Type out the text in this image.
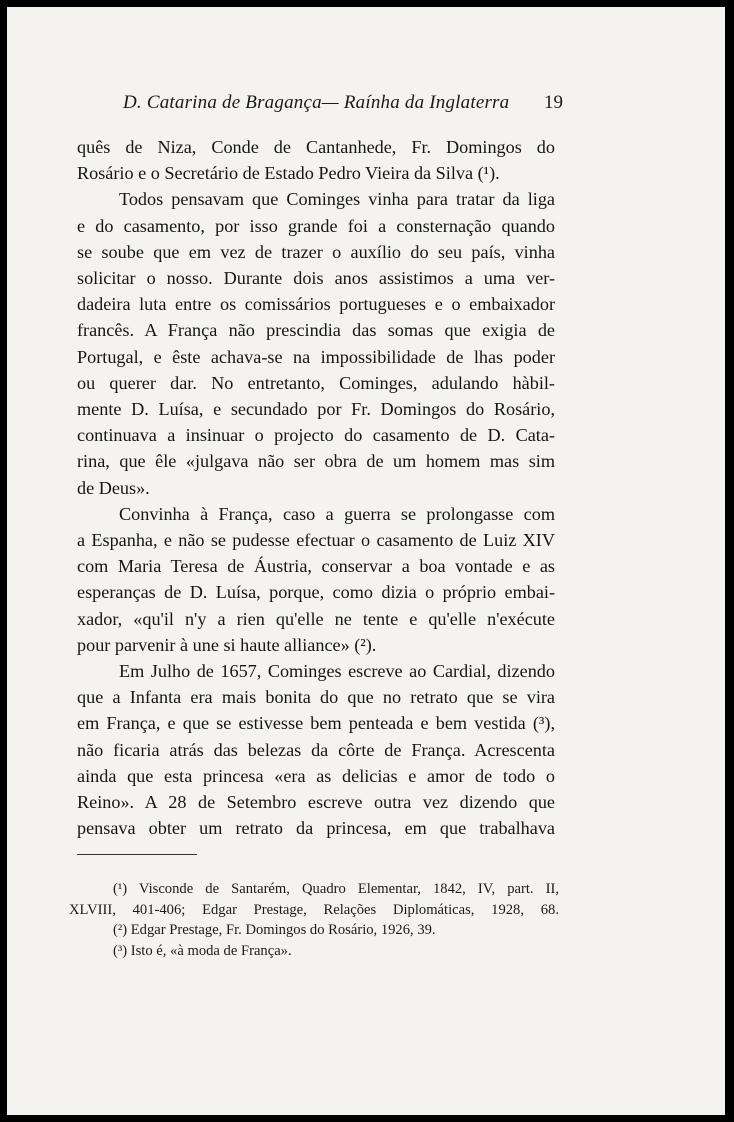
D. Catarina de Bragança— Raínha da Inglaterra 19
quês de Niza, Conde de Cantanhede, Fr. Domingos do
Rosário e o Secretário de Estado Pedro Vieira da Silva (¹).
Todos pensavam que Cominges vinha para tratar da liga
e do casamento, por isso grande foi a consternação quando
se soube que em vez de trazer o auxílio do seu país, vinha
solicitar o nosso. Durante dois anos assistimos a uma ver-
dadeira luta entre os comissários portugueses e o embaixador
francês. A França não prescindia das somas que exigia de
Portugal, e êste achava-se na impossibilidade de lhas poder
ou querer dar. No entretanto, Cominges, adulando hàbil-
mente D. Luísa, e secundado por Fr. Domingos do Rosário,
continuava a insinuar o projecto do casamento de D. Cata-
rina, que êle «julgava não ser obra de um homem mas sim
de Deus».
Convinha à França, caso a guerra se prolongasse com
a Espanha, e não se pudesse efectuar o casamento de Luiz XIV
com Maria Teresa de Áustria, conservar a boa vontade e as
esperanças de D. Luísa, porque, como dizia o próprio embai-
xador, «qu'il n'y a rien qu'elle ne tente e qu'elle n'exécute
pour parvenir à une si haute alliance» (²).
Em Julho de 1657, Cominges escreve ao Cardial, dizendo
que a Infanta era mais bonita do que no retrato que se vira
em França, e que se estivesse bem penteada e bem vestida (³),
não ficaria atrás das belezas da côrte de França. Acrescenta
ainda que esta princesa «era as delicias e amor de todo o
Reino». A 28 de Setembro escreve outra vez dizendo que
pensava obter um retrato da princesa, em que trabalhava
(¹) Visconde de Santarém, Quadro Elementar, 1842, IV, part. II,
XLVIII, 401-406; Edgar Prestage, Relações Diplomáticas, 1928, 68.
(²) Edgar Prestage, Fr. Domingos do Rosário, 1926, 39.
(³) Isto é, «à moda de França».
